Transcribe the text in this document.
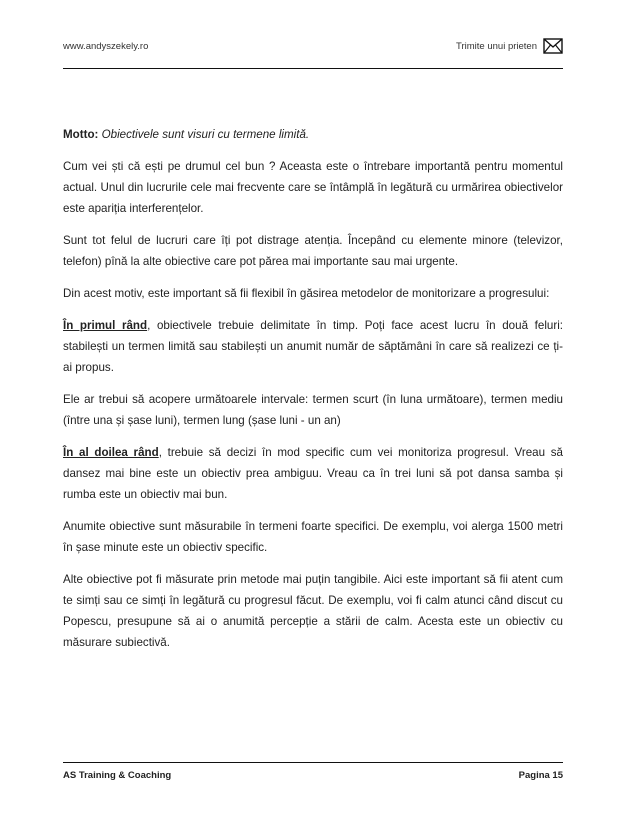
www.andyszekely.ro	Trimite unui prieten

Motto: Obiectivele sunt visuri cu termene limită.

Cum vei ști că ești pe drumul cel bun ? Aceasta este o întrebare importantă pentru momentul actual. Unul din lucrurile cele mai frecvente care se întâmplă în legătură cu urmărirea obiectivelor este apariția interferențelor.

Sunt tot felul de lucruri care îți pot distrage atenția. Începând cu elemente minore (televizor, telefon) pînă la alte obiective care pot părea mai importante sau mai urgente.

Din acest motiv, este important să fii flexibil în găsirea metodelor de monitorizare a progresului:

În primul rând, obiectivele trebuie delimitate în timp. Poți face acest lucru în două feluri: stabilești un termen limită sau stabilești un anumit număr de săptămâni în care să realizezi ce ți-ai propus.

Ele ar trebui să acopere următoarele intervale: termen scurt (în luna următoare), termen mediu (între una și șase luni), termen lung (șase luni - un an)

În al doilea rând, trebuie să decizi în mod specific cum vei monitoriza progresul. Vreau să dansez mai bine este un obiectiv prea ambiguu. Vreau ca în trei luni să pot dansa samba și rumba este un obiectiv mai bun.

Anumite obiective sunt măsurabile în termeni foarte specifici. De exemplu, voi alerga 1500 metri în șase minute este un obiectiv specific.

Alte obiective pot fi măsurate prin metode mai puțin tangibile. Aici este important să fii atent cum te simți sau ce simți în legătură cu progresul făcut. De exemplu, voi fi calm atunci când discut cu Popescu, presupune să ai o anumită percepție a stării de calm. Acesta este un obiectiv cu măsurare subiectivă.

AS Training & Coaching	Pagina 15
